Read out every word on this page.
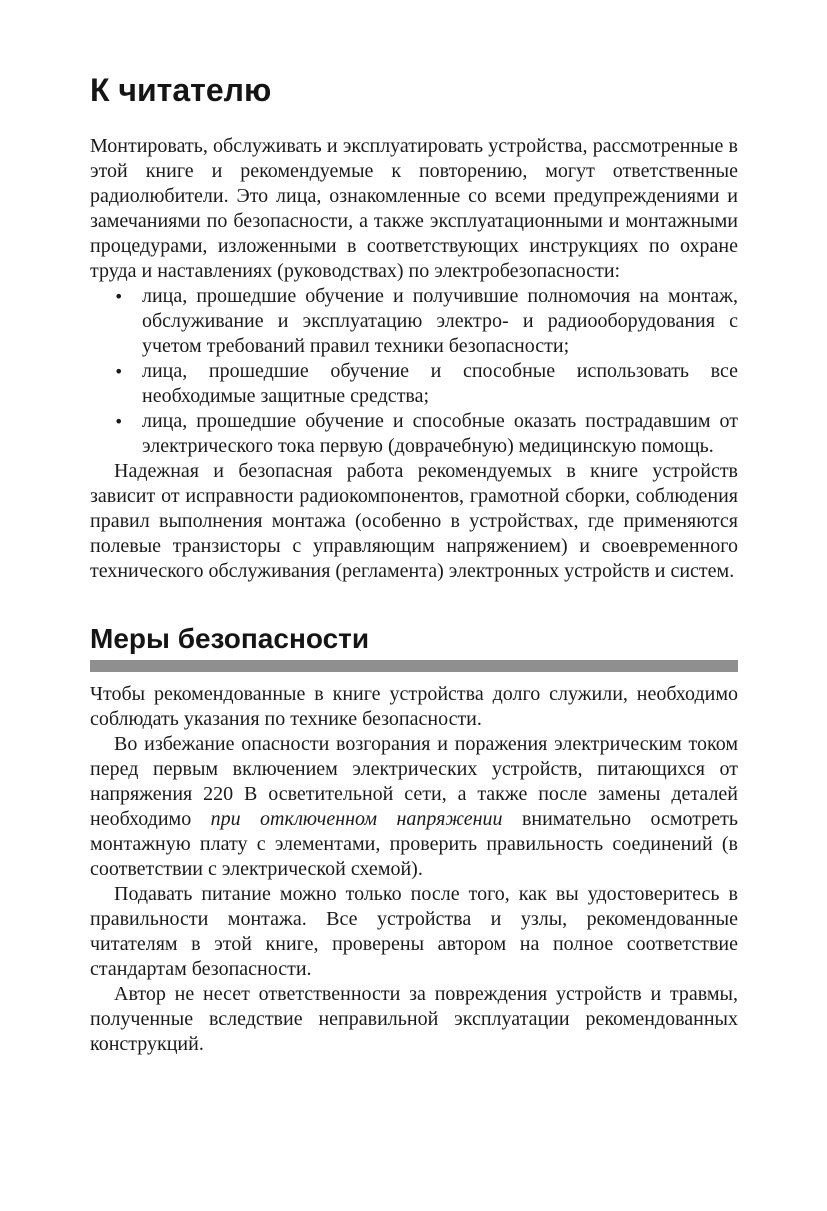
К читателю

Монтировать, обслуживать и эксплуатировать устройства, рассмотренные в этой книге и рекомендуемые к повторению, могут ответственные радиолюбители. Это лица, ознакомленные со всеми предупреждениями и замечаниями по безопасности, а также эксплуатационными и монтажными процедурами, изложенными в соответствующих инструкциях по охране труда и наставлениях (руководствах) по электробезопасности:

• лица, прошедшие обучение и получившие полномочия на монтаж, обслуживание и эксплуатацию электро- и радиооборудования с учетом требований правил техники безопасности;
• лица, прошедшие обучение и способные использовать все необходимые защитные средства;
• лица, прошедшие обучение и способные оказать пострадавшим от электрического тока первую (доврачебную) медицинскую помощь.

Надежная и безопасная работа рекомендуемых в книге устройств зависит от исправности радиокомпонентов, грамотной сборки, соблюдения правил выполнения монтажа (особенно в устройствах, где применяются полевые транзисторы с управляющим напряжением) и своевременного технического обслуживания (регламента) электронных устройств и систем.

Меры безопасности

Чтобы рекомендованные в книге устройства долго служили, необходимо соблюдать указания по технике безопасности.

Во избежание опасности возгорания и поражения электрическим током перед первым включением электрических устройств, питающихся от напряжения 220 В осветительной сети, а также после замены деталей необходимо при отключенном напряжении внимательно осмотреть монтажную плату с элементами, проверить правильность соединений (в соответствии с электрической схемой).

Подавать питание можно только после того, как вы удостоверитесь в правильности монтажа. Все устройства и узлы, рекомендованные читателям в этой книге, проверены автором на полное соответствие стандартам безопасности.

Автор не несет ответственности за повреждения устройств и травмы, полученные вследствие неправильной эксплуатации рекомендованных конструкций.
